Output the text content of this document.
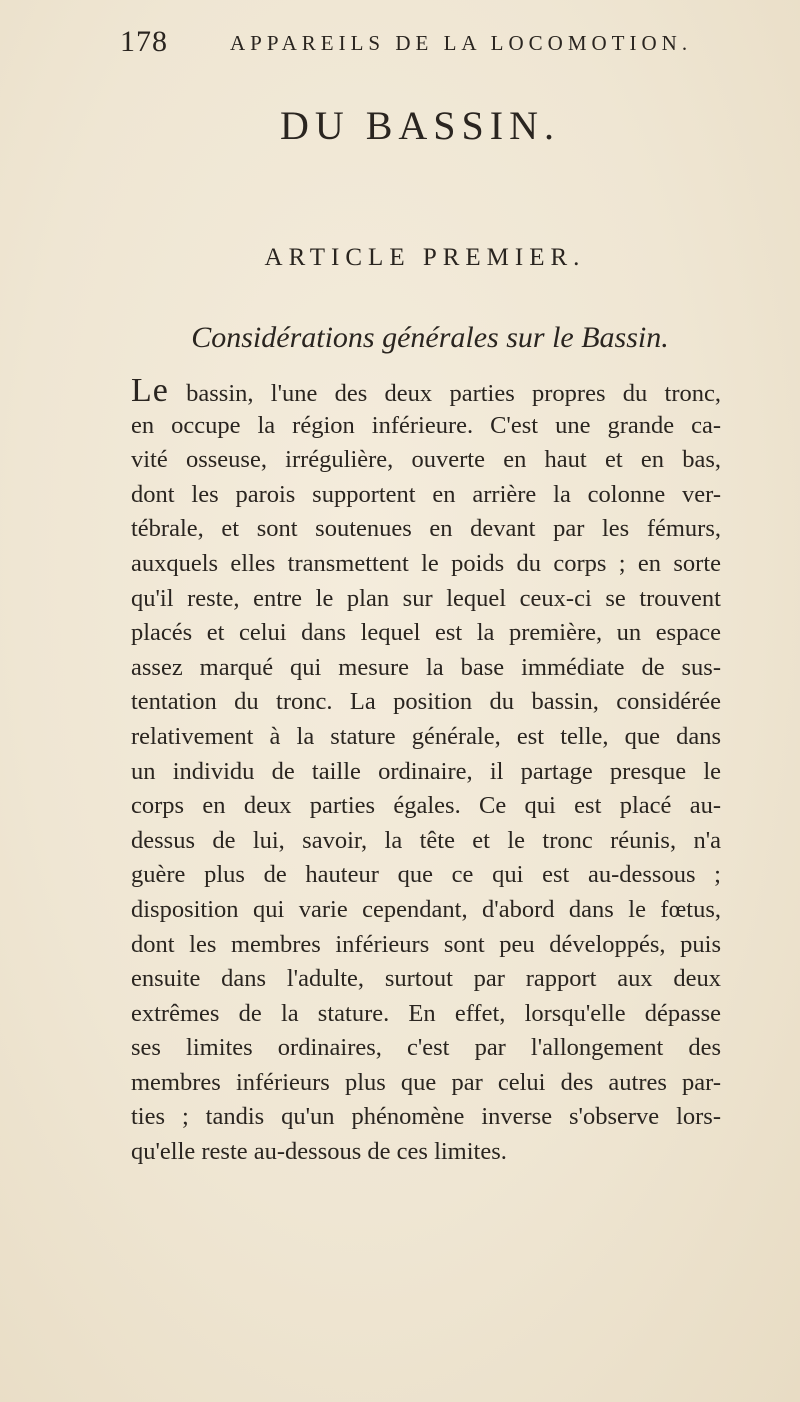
178	APPAREILS DE LA LOCOMOTION.
DU BASSIN.
ARTICLE PREMIER.
Considérations générales sur le Bassin.
Le bassin, l'une des deux parties propres du tronc,
en occupe la région inférieure. C'est une grande ca-
vité osseuse, irrégulière, ouverte en haut et en bas,
dont les parois supportent en arrière la colonne ver-
tébrale, et sont soutenues en devant par les fémurs,
auxquels elles transmettent le poids du corps ; en sorte
qu'il reste, entre le plan sur lequel ceux-ci se trouvent
placés et celui dans lequel est la première, un espace
assez marqué qui mesure la base immédiate de sus-
tentation du tronc. La position du bassin, considérée
relativement à la stature générale, est telle, que dans
un individu de taille ordinaire, il partage presque le
corps en deux parties égales. Ce qui est placé au-
dessus de lui, savoir, la tête et le tronc réunis, n'a
guère plus de hauteur que ce qui est au-dessous ;
disposition qui varie cependant, d'abord dans le fœtus,
dont les membres inférieurs sont peu développés, puis
ensuite dans l'adulte, surtout par rapport aux deux
extrêmes de la stature. En effet, lorsqu'elle dépasse
ses limites ordinaires, c'est par l'allongement des
membres inférieurs plus que par celui des autres par-
ties ; tandis qu'un phénomène inverse s'observe lors-
qu'elle reste au-dessous de ces limites.
